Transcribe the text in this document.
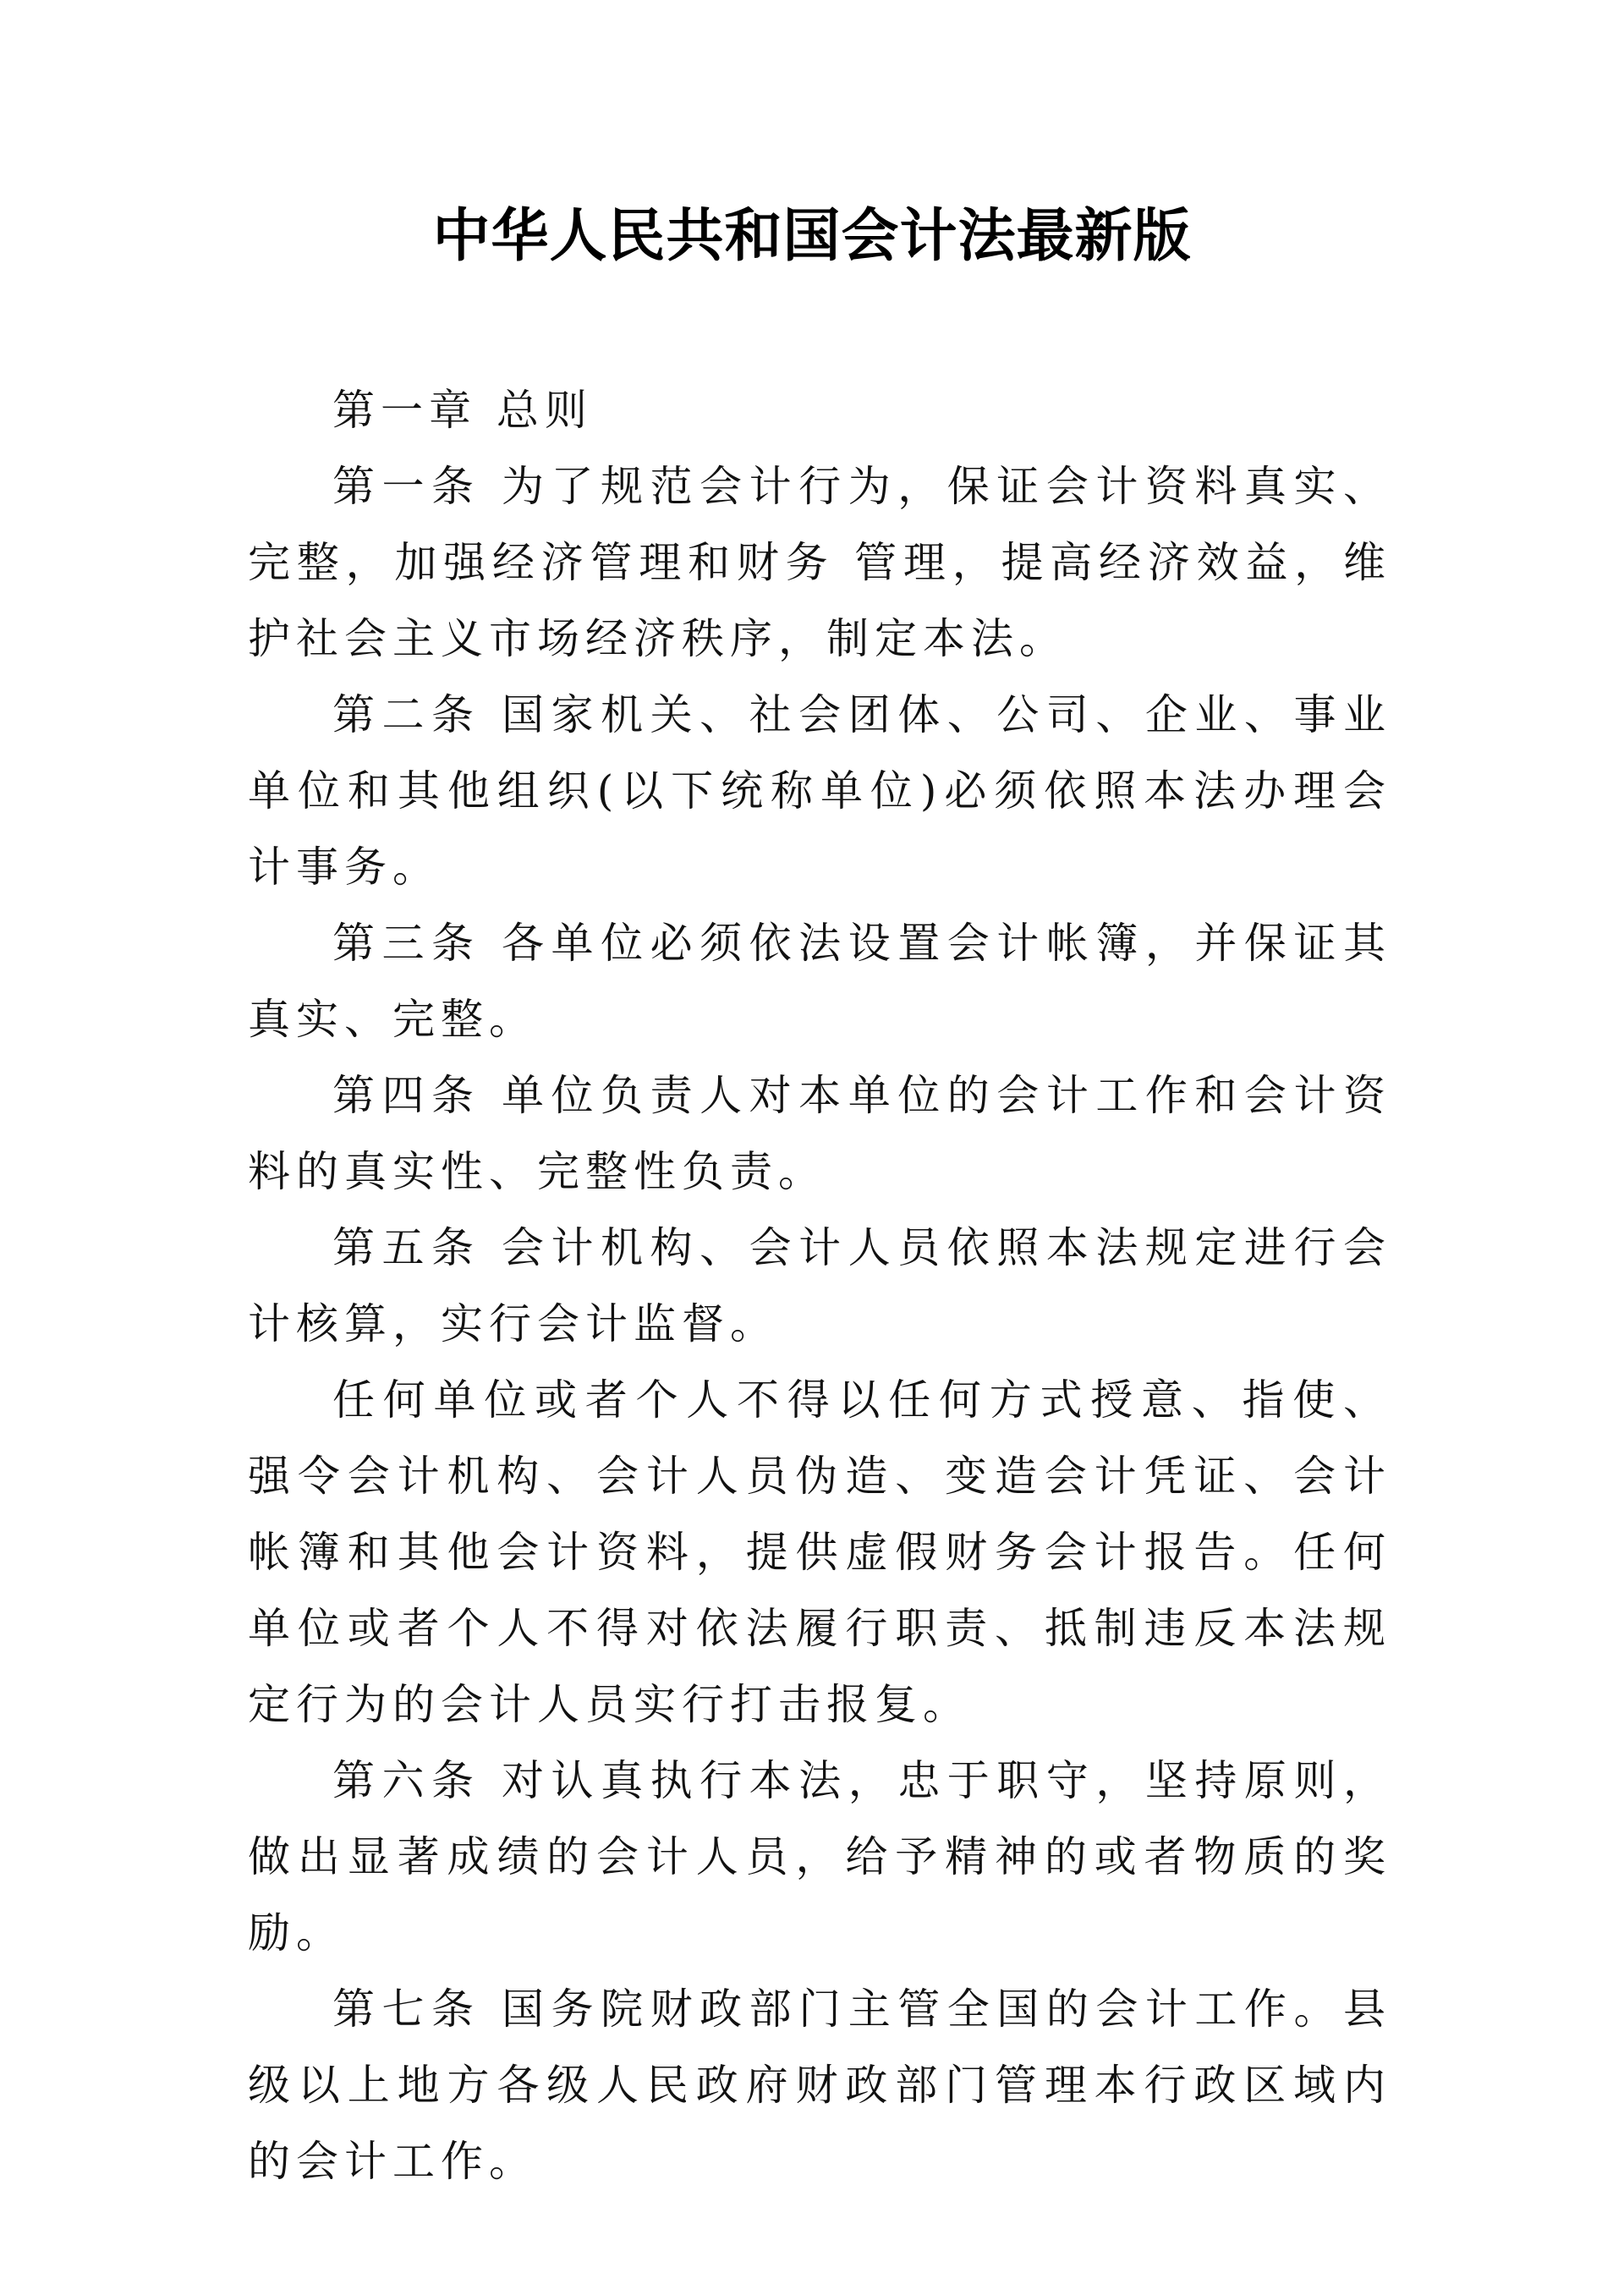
中华人民共和国会计法最新版

第一章 总则

第一条 为了规范会计行为，保证会计资料真实、完整，加强经济管理和财务 管理，提高经济效益，维护社会主义市场经济秩序，制定本法。

第二条 国家机关、社会团体、公司、企业、事业单位和其他组织(以下统称单位)必须依照本法办理会计事务。

第三条 各单位必须依法设置会计帐簿，并保证其真实、完整。

第四条 单位负责人对本单位的会计工作和会计资料的真实性、完整性负责。

第五条 会计机构、会计人员依照本法规定进行会计核算，实行会计监督。

任何单位或者个人不得以任何方式授意、指使、强令会计机构、会计人员伪造、变造会计凭证、会计帐簿和其他会计资料，提供虚假财务会计报告。任何单位或者个人不得对依法履行职责、抵制违反本法规定行为的会计人员实行打击报复。

第六条 对认真执行本法，忠于职守，坚持原则，做出显著成绩的会计人员，给予精神的或者物质的奖励。

第七条 国务院财政部门主管全国的会计工作。县级以上地方各级人民政府财政部门管理本行政区域内的会计工作。
